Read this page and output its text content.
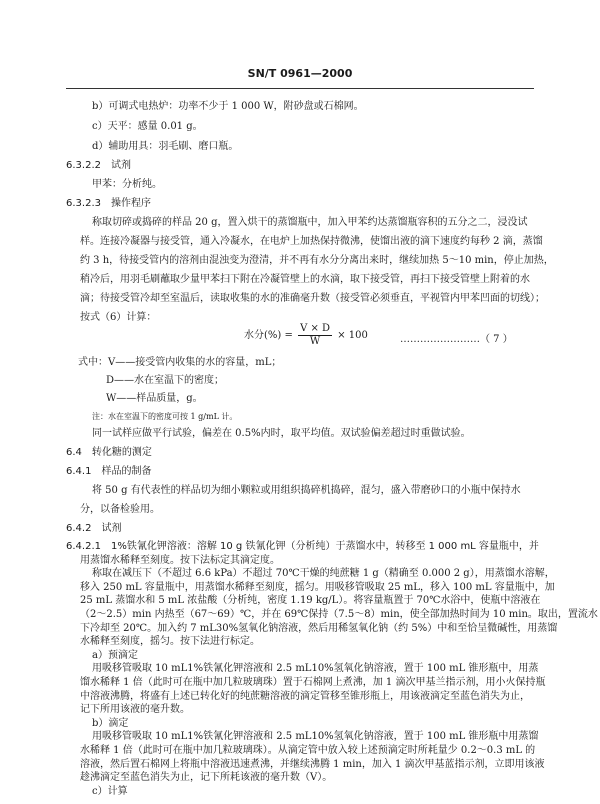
SN/T 0961—2000
b）可调式电热炉：功率不少于 1 000 W，附砂盘或石棉网。
c）天平：感量 0.01 g。
d）辅助用具：羽毛刷、磨口瓶。
6.3.2.2　试剂
甲苯：分析纯。
6.3.2.3　操作程序
称取切碎或捣碎的样品 20 g，置入烘干的蒸馏瓶中，加入甲苯约达蒸馏瓶容积的五分之二，浸没试
样。连接冷凝器与接受管，通入冷凝水，在电炉上加热保持微沸，使馏出液的滴下速度约每秒 2 滴，蒸馏
约 3 h，待接受管内的溶剂由混浊变为澄清，并不再有水分分离出来时，继续加热 5～10 min，停止加热，
稍冷后，用羽毛刷蘸取少量甲苯扫下附在冷凝管壁上的水滴，取下接受管，再扫下接受管壁上附着的水
滴；待接受管冷却至室温后，读取收集的水的准确毫升数（接受管必须垂直，平视管内甲苯凹面的切线）；
按式（6）计算：
水分(%) = $\frac{V \times D}{W} \times 100$	……………………（ 7 ）
式中：V——接受管内收集的水的容量，mL；
D——水在室温下的密度；
W——样品质量，g。
注：水在室温下的密度可按 1 g/mL 计。
同一试样应做平行试验，偏差在 0.5%内时，取平均值。双试验偏差超过时重做试验。
6.4　转化糖的测定
6.4.1　样品的制备
将 50 g 有代表性的样品切为细小颗粒或用组织捣碎机捣碎，混匀，盛入带磨砂口的小瓶中保持水
分，以备检验用。
6.4.2　试剂
6.4.2.1　1%铁氰化钾溶液：溶解 10 g 铁氰化钾（分析纯）于蒸馏水中，转移至 1 000 mL 容量瓶中，并
用蒸馏水稀释至刻度。按下法标定其滴定度。
称取在减压下（不超过 6.6 kPa）不超过 70℃干燥的纯蔗糖 1 g（精确至 0.000 2 g），用蒸馏水溶解，
移入 250 mL 容量瓶中，用蒸馏水稀释至刻度，摇匀。用吸移管吸取 25 mL，移入 100 mL 容量瓶中，加
25 mL 蒸馏水和 5 mL 浓盐酸（分析纯，密度 1.19 kg/L）。将容量瓶置于 70℃水浴中，使瓶中溶液在
（2～2.5）min 内热至（67～69）℃，并在 69℃保持（7.5～8）min，使全部加热时间为 10 min。取出，置流水
下冷却至 20℃。加入约 7 mL30%氢氧化钠溶液，然后用稀氢氧化钠（约 5%）中和至恰呈微碱性，用蒸馏
水稀释至刻度，摇匀。按下法进行标定。
a）预滴定
用吸移管吸取 10 mL1%铁氰化钾溶液和 2.5 mL10%氢氧化钠溶液，置于 100 mL 锥形瓶中，用蒸
馏水稀释 1 倍（此时可在瓶中加几粒玻璃珠）置于石棉网上煮沸，加 1 滴次甲基兰指示剂，用小火保持瓶
中溶液沸腾，将盛有上述已转化好的纯蔗糖溶液的滴定管移至锥形瓶上，用该液滴定至蓝色消失为止，
记下所用该液的毫升数。
b）滴定
用吸移管吸取 10 mL1%铁氰化钾溶液和 2.5 mL10%氢氧化钠溶液，置于 100 mL 锥形瓶中用蒸馏
水稀释 1 倍（此时可在瓶中加几粒玻璃珠）。从滴定管中放入较上述预滴定时所耗量少 0.2～0.3 mL 的
溶液，然后置石棉网上将瓶中溶液迅速煮沸，并继续沸腾 1 min，加入 1 滴次甲基蓝指示剂，立即用该液
趁沸滴定至蓝色消失为止，记下所耗该液的毫升数（V）。
c）计算
